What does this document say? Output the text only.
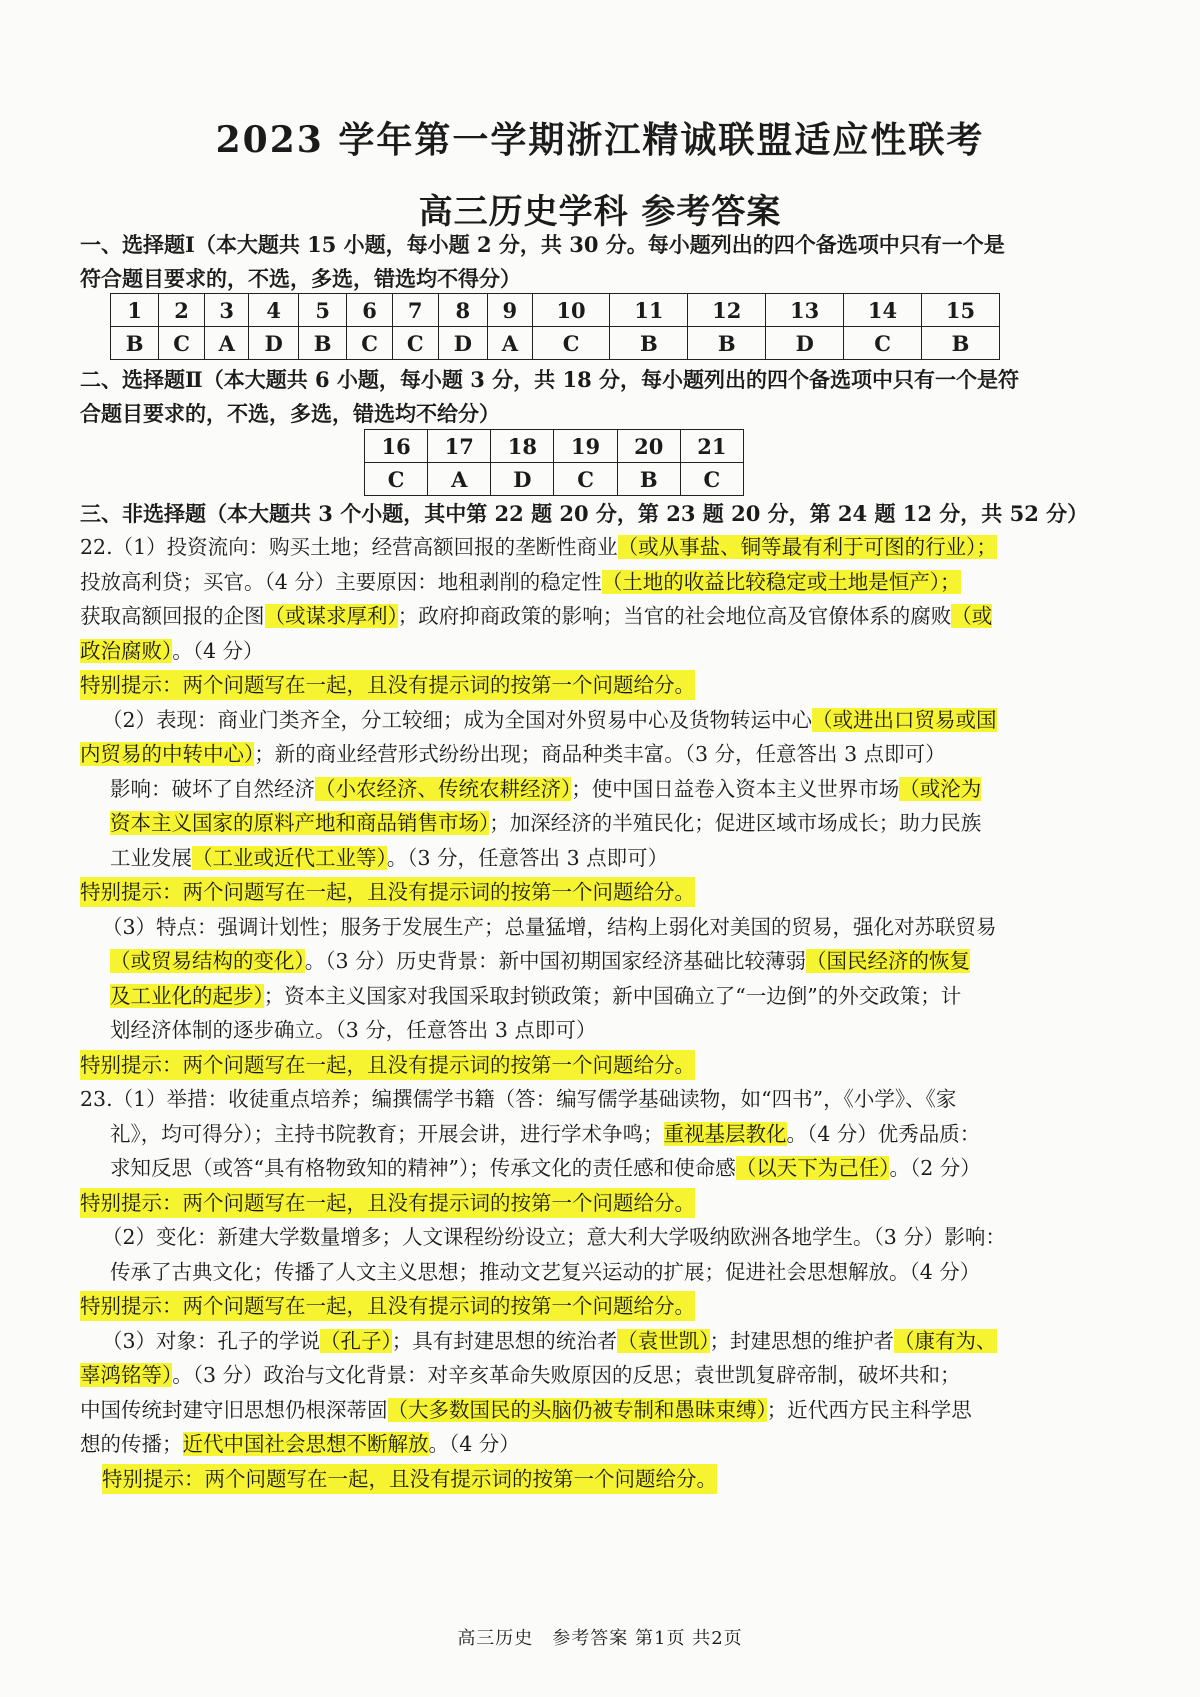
2023 学年第一学期浙江精诚联盟适应性联考
高三历史学科 参考答案
一、选择题Ⅰ（本大题共 15 小题，每小题 2 分，共 30 分。每小题列出的四个备选项中只有一个是
符合题目要求的，不选，多选，错选均不得分）
1	2	3	4	5	6	7	8	9	10	11	12	13	14	15
B	C	A	D	B	C	C	D	A	C	B	B	D	C	B
二、选择题Ⅱ（本大题共 6 小题，每小题 3 分，共 18 分，每小题列出的四个备选项中只有一个是符
合题目要求的，不选，多选，错选均不给分）
16	17	18	19	20	21
C	A	D	C	B	C
三、非选择题（本大题共 3 个小题，其中第 22 题 20 分，第 23 题 20 分，第 24 题 12 分，共 52 分）
22.（1）投资流向：购买土地；经营高额回报的垄断性商业（或从事盐、铜等最有利于可图的行业）；
投放高利贷；买官。（4 分）主要原因：地租剥削的稳定性（土地的收益比较稳定或土地是恒产）；
获取高额回报的企图（或谋求厚利）；政府抑商政策的影响；当官的社会地位高及官僚体系的腐败（或
政治腐败）。（4 分）
特别提示：两个问题写在一起，且没有提示词的按第一个问题给分。
（2）表现：商业门类齐全，分工较细；成为全国对外贸易中心及货物转运中心（或进出口贸易或国
内贸易的中转中心）；新的商业经营形式纷纷出现；商品种类丰富。（3 分，任意答出 3 点即可）
影响：破坏了自然经济（小农经济、传统农耕经济）；使中国日益卷入资本主义世界市场（或沦为
资本主义国家的原料产地和商品销售市场）；加深经济的半殖民化；促进区域市场成长；助力民族
工业发展（工业或近代工业等）。（3 分，任意答出 3 点即可）
特别提示：两个问题写在一起，且没有提示词的按第一个问题给分。
（3）特点：强调计划性；服务于发展生产；总量猛增，结构上弱化对美国的贸易，强化对苏联贸易
（或贸易结构的变化）。（3 分）历史背景：新中国初期国家经济基础比较薄弱（国民经济的恢复
及工业化的起步）；资本主义国家对我国采取封锁政策；新中国确立了“一边倒”的外交政策；计
划经济体制的逐步确立。（3 分，任意答出 3 点即可）
特别提示：两个问题写在一起，且没有提示词的按第一个问题给分。
23.（1）举措：收徒重点培养；编撰儒学书籍（答：编写儒学基础读物，如“四书”，《小学》、《家
礼》，均可得分）；主持书院教育；开展会讲，进行学术争鸣；重视基层教化。（4 分）优秀品质：
求知反思（或答“具有格物致知的精神”）；传承文化的责任感和使命感（以天下为己任）。（2 分）
特别提示：两个问题写在一起，且没有提示词的按第一个问题给分。
（2）变化：新建大学数量增多；人文课程纷纷设立；意大利大学吸纳欧洲各地学生。（3 分）影响：
传承了古典文化；传播了人文主义思想；推动文艺复兴运动的扩展；促进社会思想解放。（4 分）
特别提示：两个问题写在一起，且没有提示词的按第一个问题给分。
（3）对象：孔子的学说（孔子）；具有封建思想的统治者（袁世凯）；封建思想的维护者（康有为、
辜鸿铭等）。（3 分）政治与文化背景：对辛亥革命失败原因的反思；袁世凯复辟帝制，破坏共和；
中国传统封建守旧思想仍根深蒂固（大多数国民的头脑仍被专制和愚昧束缚）；近代西方民主科学思
想的传播；近代中国社会思想不断解放。（4 分）
特别提示：两个问题写在一起，且没有提示词的按第一个问题给分。
高三历史　参考答案 第1页 共2页
